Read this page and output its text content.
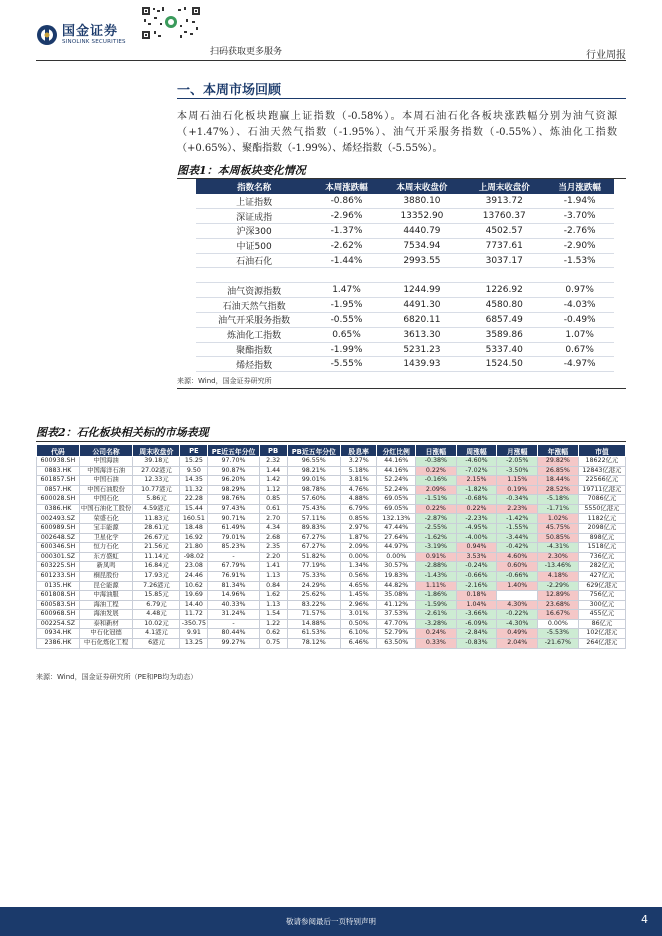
国金证券
SINOLINK SECURITIES
扫码获取更多服务	行业周报
一、本周市场回顾
本周石油石化板块跑赢上证指数（-0.58%）。本周石油石化各板块涨跌幅分别为油气资源（+1.47%）、石油天然气指数（-1.95%）、油气开采服务指数（-0.55%）、炼油化工指数（+0.65%）、聚酯指数（-1.99%）、烯烃指数（-5.55%）。
图表1：本周板块变化情况
指数名称	本周涨跌幅	本周末收盘价	上周末收盘价	当月涨跌幅
上证指数	-0.86%	3880.10	3913.72	-1.94%
深证成指	-2.96%	13352.90	13760.37	-3.70%
沪深300	-1.37%	4440.79	4502.57	-2.76%
中证500	-2.62%	7534.94	7737.61	-2.90%
石油石化	-1.44%	2993.55	3037.17	-1.53%

油气资源指数	1.47%	1244.99	1226.92	0.97%
石油天然气指数	-1.95%	4491.30	4580.80	-4.03%
油气开采服务指数	-0.55%	6820.11	6857.49	-0.49%
炼油化工指数	0.65%	3613.30	3589.86	1.07%
聚酯指数	-1.99%	5231.23	5337.40	0.67%
烯烃指数	-5.55%	1439.93	1524.50	-4.97%
来源：Wind，国金证券研究所
图表2：石化板块相关标的市场表现
代码	公司名称	周末收盘价	PE	PE近五年分位	PB	PB近五年分位	股息率	分红比例	日涨幅	周涨幅	月涨幅	年涨幅	市值
600938.SH	中国海油	39.18元	15.25	97.70%	2.32	96.55%	3.27%	44.16%	-0.38%	-4.60%	-2.05%	29.82%	18622亿元
0883.HK	中国海洋石油	27.02港元	9.50	90.87%	1.44	98.21%	5.18%	44.16%	0.22%	-7.02%	-3.50%	26.85%	12843亿港元
601857.SH	中国石油	12.33元	14.35	96.20%	1.42	99.01%	3.81%	52.24%	-0.16%	2.15%	1.15%	18.44%	22566亿元
0857.HK	中国石油股份	10.77港元	11.32	98.29%	1.12	98.78%	4.76%	52.24%	2.09%	-1.82%	0.19%	28.52%	19711亿港元
600028.SH	中国石化	5.86元	22.28	98.76%	0.85	57.60%	4.88%	69.05%	-1.51%	-0.68%	-0.34%	-5.18%	7086亿元
0386.HK	中国石油化工股份	4.59港元	15.44	97.43%	0.61	75.43%	6.79%	69.05%	0.22%	0.22%	2.23%	-1.71%	5550亿港元
002493.SZ	荣盛石化	11.83元	160.51	90.71%	2.70	57.11%	0.85%	132.13%	-2.87%	-2.23%	-1.42%	1.02%	1182亿元
600989.SH	宝丰能源	28.61元	18.48	61.49%	4.34	89.83%	2.97%	47.44%	-2.55%	-4.95%	-1.55%	45.75%	2098亿元
002648.SZ	卫星化学	26.67元	16.92	79.01%	2.68	67.27%	1.87%	27.64%	-1.62%	-4.00%	-3.44%	50.85%	898亿元
600346.SH	恒力石化	21.56元	21.80	85.23%	2.35	67.27%	2.09%	44.97%	-3.19%	0.94%	-0.42%	-4.31%	1518亿元
000301.SZ	东方盛虹	11.14元	-98.02	-	2.20	51.82%	0.00%	0.00%	0.91%	3.53%	4.60%	2.30%	736亿元
603225.SH	新凤鸣	16.84元	23.08	67.79%	1.41	77.19%	1.34%	30.57%	-2.88%	-0.24%	0.60%	-13.46%	282亿元
601233.SH	桐昆股份	17.93元	24.46	76.91%	1.13	75.33%	0.56%	19.83%	-1.43%	-0.66%	-0.66%	4.18%	427亿元
0135.HK	昆仑能源	7.26港元	10.62	81.34%	0.84	24.29%	4.65%	44.82%	1.11%	-2.16%	1.40%	-2.29%	629亿港元
601808.SH	中海油服	15.85元	19.69	14.96%	1.62	25.62%	1.45%	35.08%	-1.86%	0.18%		12.89%	756亿元
600583.SH	海油工程	6.79元	14.40	40.33%	1.13	83.22%	2.96%	41.12%	-1.59%	1.04%	4.30%	23.68%	300亿元
600968.SH	海油发展	4.48元	11.72	31.24%	1.54	71.57%	3.01%	37.53%	-2.61%	-3.66%	-0.22%	16.67%	455亿元
002254.SZ	泰和新材	10.02元	-350.75	-	1.22	14.88%	0.50%	47.70%	-3.28%	-6.09%	-4.30%	0.00%	86亿元
0934.HK	中石化冠德	4.1港元	9.91	80.44%	0.62	61.53%	6.10%	52.79%	0.24%	-2.84%	0.49%	-5.53%	102亿港元
2386.HK	中石化炼化工程	6港元	13.25	99.27%	0.75	78.12%	6.46%	63.50%	0.33%	-0.83%	2.04%	-21.67%	264亿港元
来源：Wind，国金证券研究所（PE和PB均为动态）
敬请参阅最后一页特别声明	4
